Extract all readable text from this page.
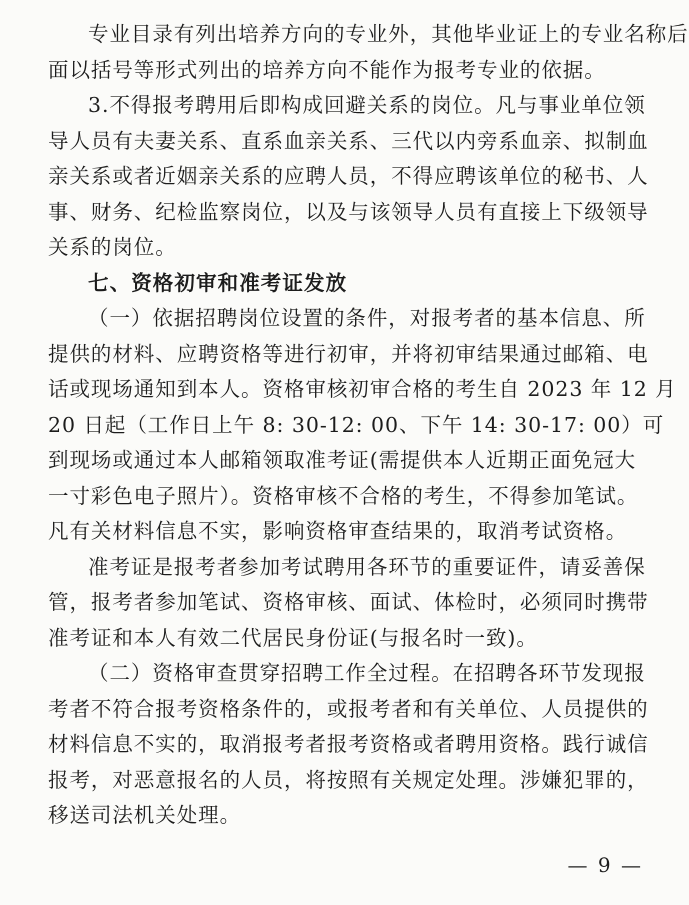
专业目录有列出培养方向的专业外，其他毕业证上的专业名称后
面以括号等形式列出的培养方向不能作为报考专业的依据。
3.不得报考聘用后即构成回避关系的岗位。凡与事业单位领
导人员有夫妻关系、直系血亲关系、三代以内旁系血亲、拟制血
亲关系或者近姻亲关系的应聘人员，不得应聘该单位的秘书、人
事、财务、纪检监察岗位，以及与该领导人员有直接上下级领导
关系的岗位。
七、资格初审和准考证发放
（一）依据招聘岗位设置的条件，对报考者的基本信息、所
提供的材料、应聘资格等进行初审，并将初审结果通过邮箱、电
话或现场通知到本人。资格审核初审合格的考生自 2023 年 12 月
20 日起（工作日上午 8: 30-12: 00、下午 14: 30-17: 00）可
到现场或通过本人邮箱领取准考证(需提供本人近期正面免冠大
一寸彩色电子照片）。资格审核不合格的考生，不得参加笔试。
凡有关材料信息不实，影响资格审查结果的，取消考试资格。
准考证是报考者参加考试聘用各环节的重要证件，请妥善保
管，报考者参加笔试、资格审核、面试、体检时，必须同时携带
准考证和本人有效二代居民身份证(与报名时一致)。
（二）资格审查贯穿招聘工作全过程。在招聘各环节发现报
考者不符合报考资格条件的，或报考者和有关单位、人员提供的
材料信息不实的，取消报考者报考资格或者聘用资格。践行诚信
报考，对恶意报名的人员，将按照有关规定处理。涉嫌犯罪的，
移送司法机关处理。
— 9 —
